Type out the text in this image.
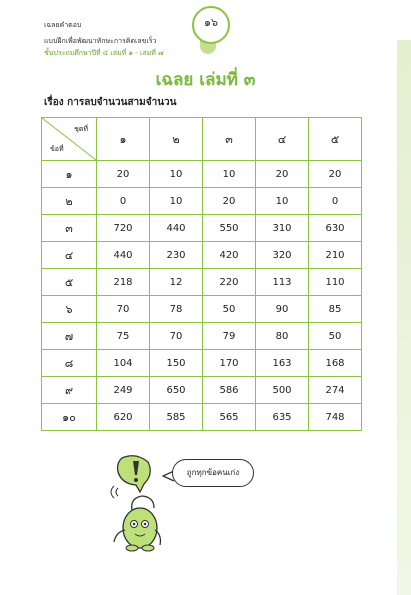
เฉลยคำตอบ
แบบฝึกเพื่อพัฒนาทักษะการคิดเลขเร็ว
ชั้นประถมศึกษาปีที่ ๔ เล่มที่ ๑ - เล่มที่ ๗
๑๖
เฉลย เล่มที่ ๓
เรื่อง การลบจำนวนสามจำนวน
ชุดที่
ข้อที่	๑	๒	๓	๔	๕
๑	20	10	10	20	20
๒	0	10	20	10	0
๓	720	440	550	310	630
๔	440	230	420	320	210
๕	218	12	220	113	110
๖	70	78	50	90	85
๗	75	70	79	80	50
๘	104	150	170	163	168
๙	249	650	586	500	274
๑๐	620	585	565	635	748
ถูกทุกข้อคนเก่ง
